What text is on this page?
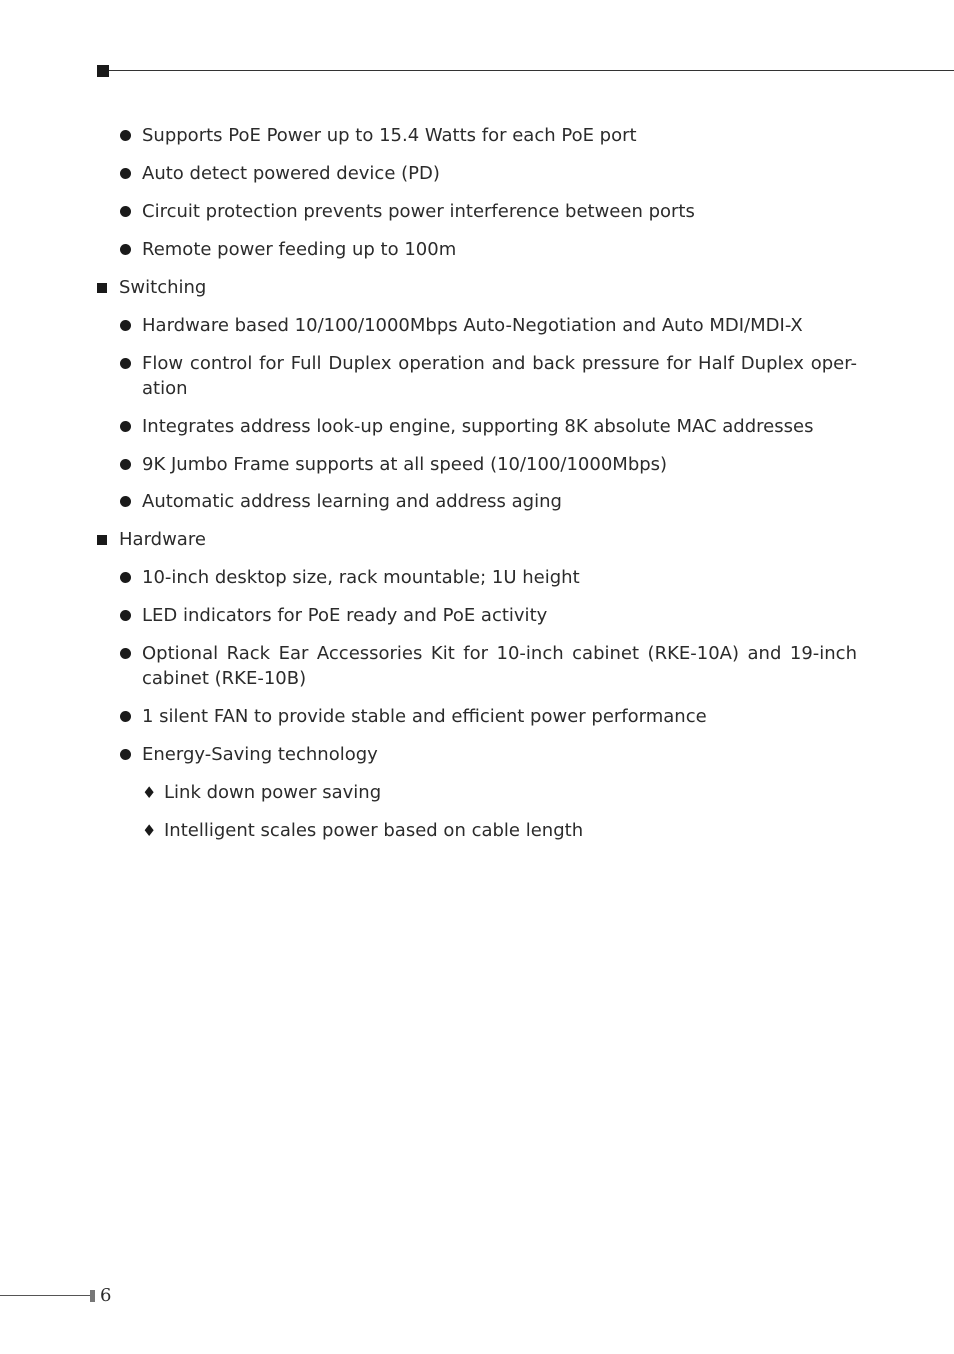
Supports PoE Power up to 15.4 Watts for each PoE port
Auto detect powered device (PD)
Circuit protection prevents power interference between ports
Remote power feeding up to 100m
Switching
Hardware based 10/100/1000Mbps Auto-Negotiation and Auto MDI/MDI-X
Flow control for Full Duplex operation and back pressure for Half Duplex oper-ation
Integrates address look-up engine, supporting 8K absolute MAC addresses
9K Jumbo Frame supports at all speed (10/100/1000Mbps)
Automatic address learning and address aging
Hardware
10-inch desktop size, rack mountable; 1U height
LED indicators for PoE ready and PoE activity
Optional Rack Ear Accessories Kit for 10-inch cabinet (RKE-10A) and 19-inch cabinet (RKE-10B)
1 silent FAN to provide stable and efficient power performance
Energy-Saving technology
♦ Link down power saving
♦ Intelligent scales power based on cable length
6
